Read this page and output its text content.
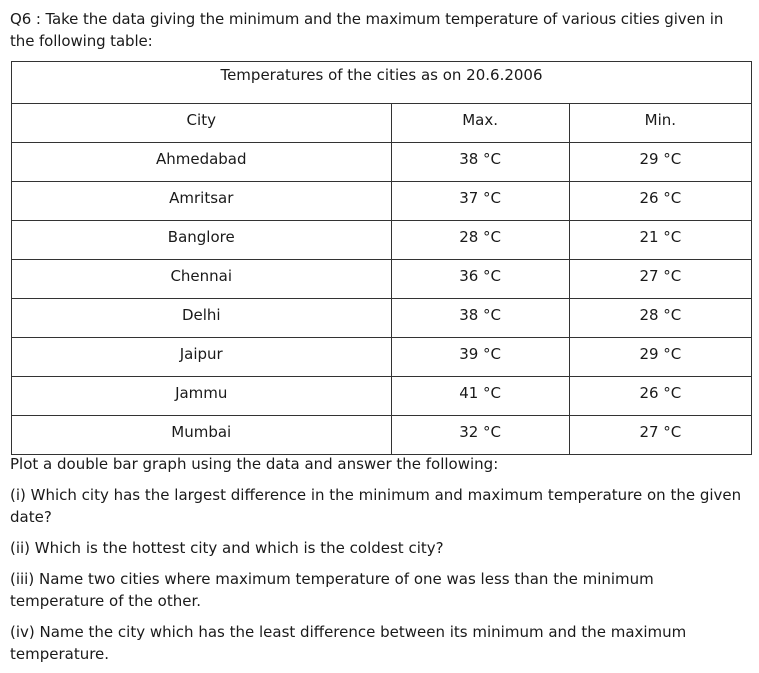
Q6 : Take the data giving the minimum and the maximum temperature of various cities given in the following table:

Temperatures of the cities as on 20.6.2006		
City	Max.	Min.
Ahmedabad	38 °C	29 °C
Amritsar	37 °C	26 °C
Banglore	28 °C	21 °C
Chennai	36 °C	27 °C
Delhi	38 °C	28 °C
Jaipur	39 °C	29 °C
Jammu	41 °C	26 °C
Mumbai	32 °C	27 °C

Plot a double bar graph using the data and answer the following:

(i) Which city has the largest difference in the minimum and maximum temperature on the given date?

(ii) Which is the hottest city and which is the coldest city?

(iii) Name two cities where maximum temperature of one was less than the minimum temperature of the other.

(iv) Name the city which has the least difference between its minimum and the maximum temperature.
